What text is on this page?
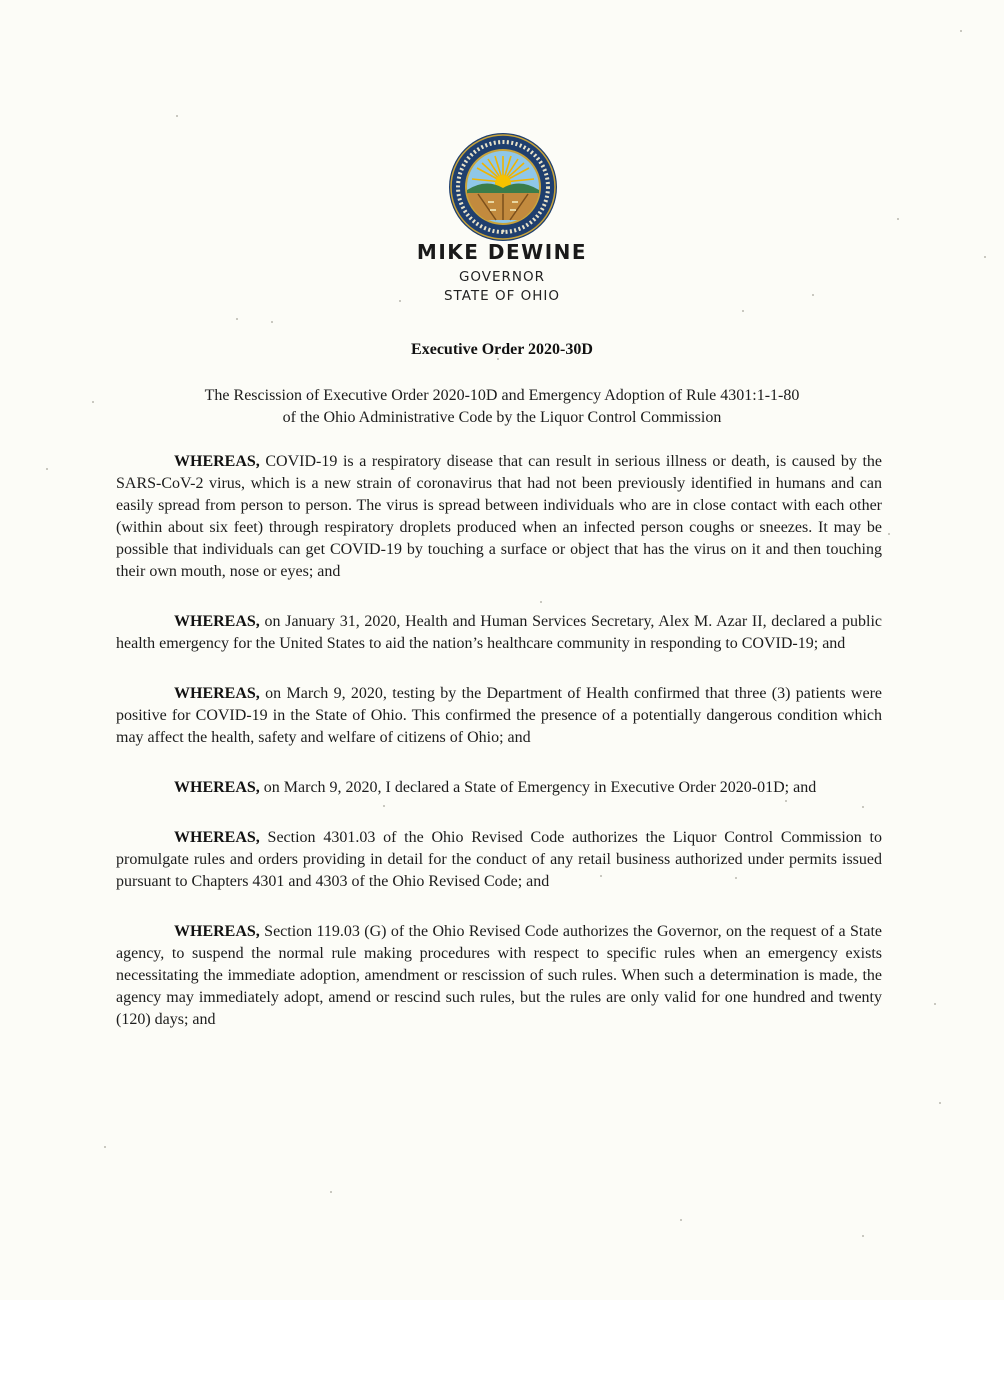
MIKE DEWINE
GOVERNOR
STATE OF OHIO
Executive Order 2020-30D
The Rescission of Executive Order 2020-10D and Emergency Adoption of Rule 4301:1-1-80
of the Ohio Administrative Code by the Liquor Control Commission

WHEREAS, COVID-19 is a respiratory disease that can result in serious illness or death, is caused by the SARS-CoV-2 virus, which is a new strain of coronavirus that had not been previously identified in humans and can easily spread from person to person. The virus is spread between individuals who are in close contact with each other (within about six feet) through respiratory droplets produced when an infected person coughs or sneezes. It may be possible that individuals can get COVID-19 by touching a surface or object that has the virus on it and then touching their own mouth, nose or eyes; and

WHEREAS, on January 31, 2020, Health and Human Services Secretary, Alex M. Azar II, declared a public health emergency for the United States to aid the nation’s healthcare community in responding to COVID-19; and

WHEREAS, on March 9, 2020, testing by the Department of Health confirmed that three (3) patients were positive for COVID-19 in the State of Ohio. This confirmed the presence of a potentially dangerous condition which may affect the health, safety and welfare of citizens of Ohio; and

WHEREAS, on March 9, 2020, I declared a State of Emergency in Executive Order 2020-01D; and

WHEREAS, Section 4301.03 of the Ohio Revised Code authorizes the Liquor Control Commission to promulgate rules and orders providing in detail for the conduct of any retail business authorized under permits issued pursuant to Chapters 4301 and 4303 of the Ohio Revised Code; and

WHEREAS, Section 119.03 (G) of the Ohio Revised Code authorizes the Governor, on the request of a State agency, to suspend the normal rule making procedures with respect to specific rules when an emergency exists necessitating the immediate adoption, amendment or rescission of such rules. When such a determination is made, the agency may immediately adopt, amend or rescind such rules, but the rules are only valid for one hundred and twenty (120) days; and
